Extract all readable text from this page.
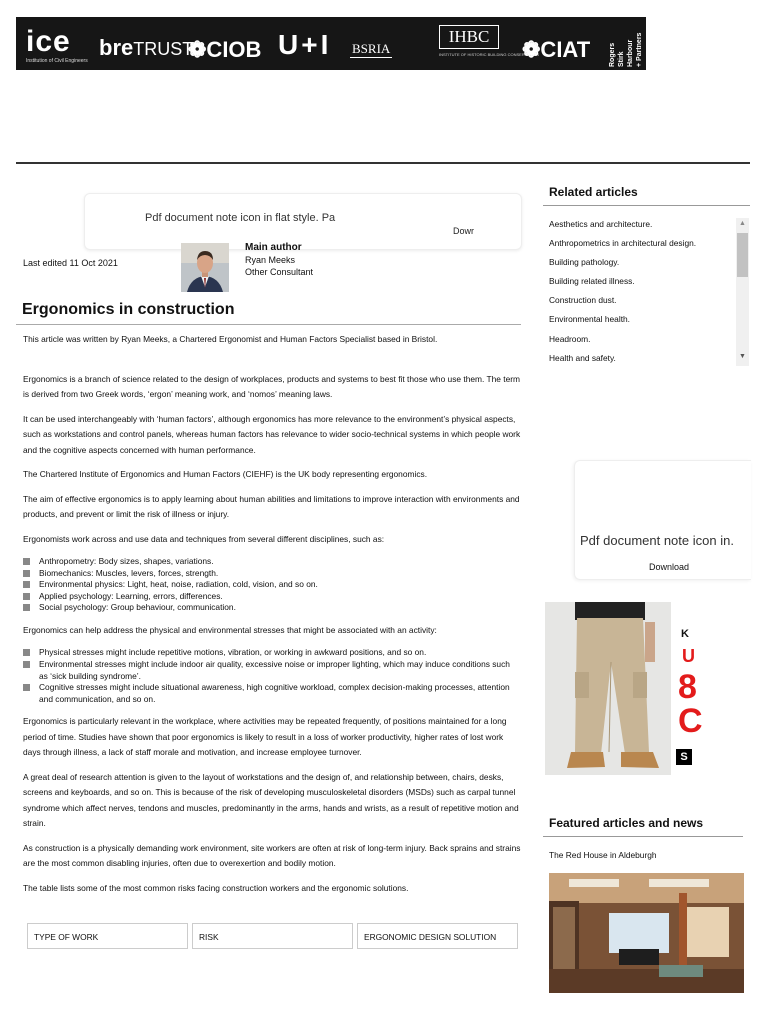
ice
Institution of Civil Engineers
breTRUST
❁CIOB U+I BSRIA
IHBC
INSTITUTE OF HISTORIC BUILDING CONSERVATION
❁CIAT	Rogers Stirk Harbour + Partners
Pdf document note icon in flat style. Pa
Dowr
Last edited 11 Oct 2021
Main author
Ryan Meeks
Other Consultant
Ergonomics in construction

This article was written by Ryan Meeks, a Chartered Ergonomist and Human Factors Specialist based in Bristol.

Ergonomics is a branch of science related to the design of workplaces, products and systems to best fit those who use them. The term is derived from two Greek words, ‘ergon’ meaning work, and ‘nomos’ meaning laws.

It can be used interchangeably with ‘human factors’, although ergonomics has more relevance to the environment’s physical aspects, such as workstations and control panels, whereas human factors has relevance to wider socio-technical systems in which people work and the cognitive aspects concerned with human performance.

The Chartered Institute of Ergonomics and Human Factors (CIEHF) is the UK body representing ergonomics.

The aim of effective ergonomics is to apply learning about human abilities and limitations to improve interaction with environments and products, and prevent or limit the risk of illness or injury.

Ergonomists work across and use data and techniques from several different disciplines, such as:

Anthropometry: Body sizes, shapes, variations.
Biomechanics: Muscles, levers, forces, strength.
Environmental physics: Light, heat, noise, radiation, cold, vision, and so on.
Applied psychology: Learning, errors, differences.
Social psychology: Group behaviour, communication.

Ergonomics can help address the physical and environmental stresses that might be associated with an activity:

Physical stresses might include repetitive motions, vibration, or working in awkward positions, and so on.
Environmental stresses might include indoor air quality, excessive noise or improper lighting, which may induce conditions such as ‘sick building syndrome’.
Cognitive stresses might include situational awareness, high cognitive workload, complex decision-making processes, attention and communication, and so on.

Ergonomics is particularly relevant in the workplace, where activities may be repeated frequently, of positions maintained for a long period of time. Studies have shown that poor ergonomics is likely to result in a loss of worker productivity, higher rates of lost work days through illness, a lack of staff morale and motivation, and increase employee turnover.

A great deal of research attention is given to the layout of workstations and the design of, and relationship between, chairs, desks, screens and keyboards, and so on. This is because of the risk of developing musculoskeletal disorders (MSDs) such as carpal tunnel syndrome which affect nerves, tendons and muscles, predominantly in the arms, hands and wrists, as a result of repetitive motion and strain.

As construction is a physically demanding work environment, site workers are often at risk of long-term injury. Back sprains and strains are the most common disabling injuries, often due to overexertion and bodily motion.

The table lists some of the most common risks facing construction workers and the ergonomic solutions.

TYPE OF WORK	RISK	ERGONOMIC DESIGN SOLUTION
Related articles
Aesthetics and architecture.
Anthropometrics in architectural design.
Building pathology.
Building related illness.
Construction dust.
Environmental health.
Headroom.
Health and safety.
▲
▼
Pdf document note icon in.
Download
K
U
8
C
S
Featured articles and news
The Red House in Aldeburgh
